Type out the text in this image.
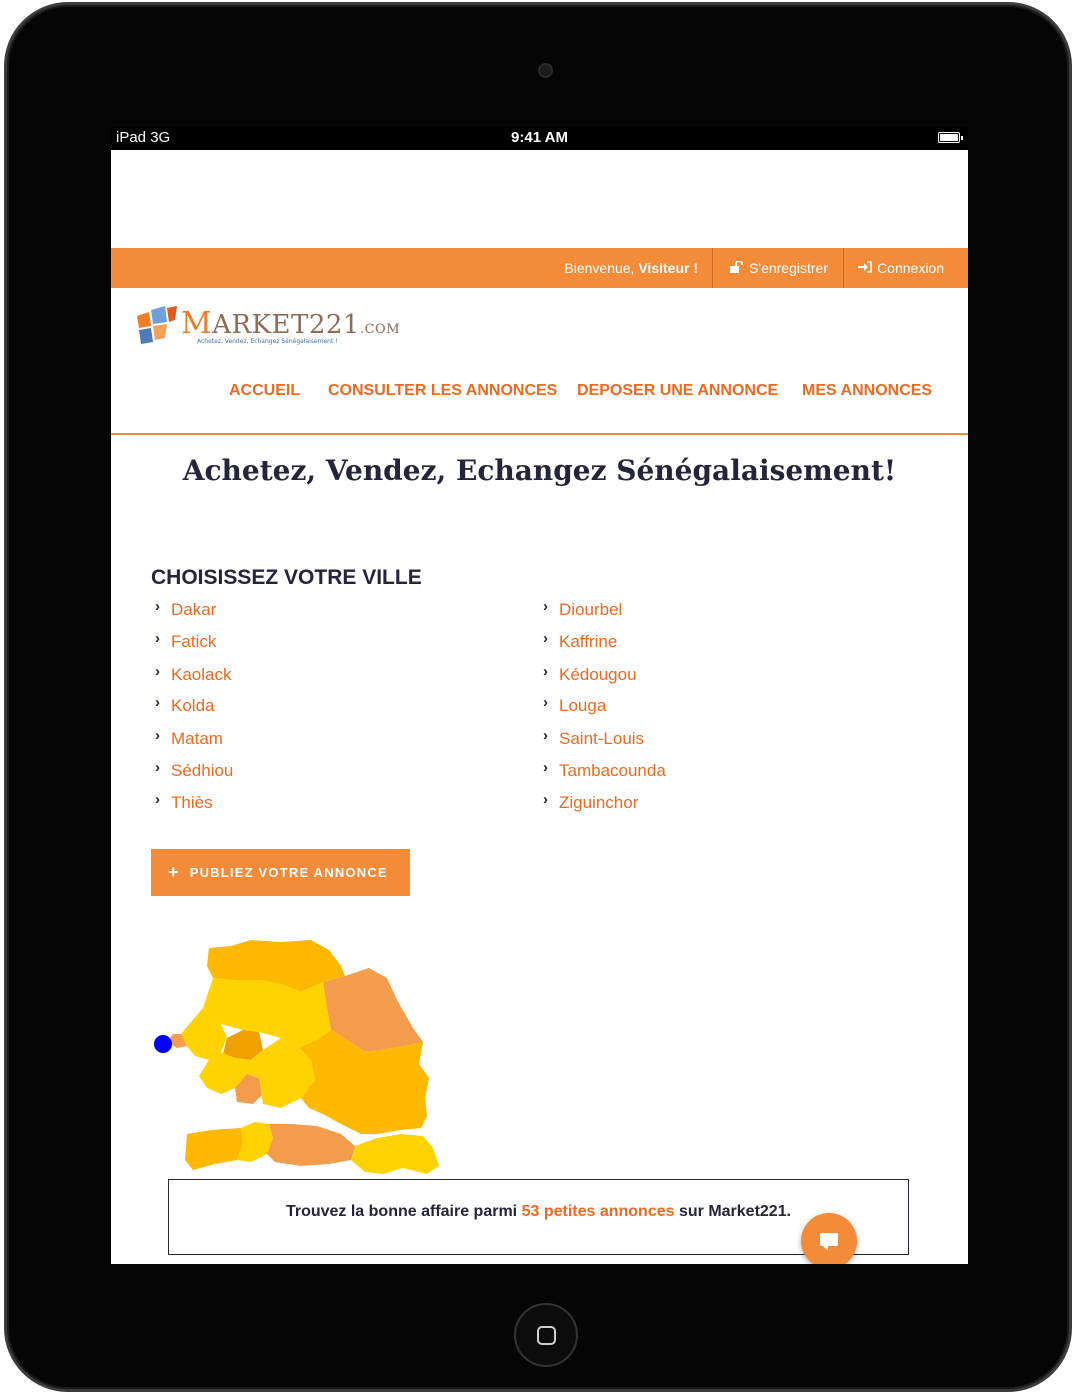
iPad 3G	9:41 AM
Bienvenue, Visiteur !	S'enregistrer	Connexion
MARKET221.COM
Achetez, Vendez, Echangez Sénégalaisement !
ACCUEIL CONSULTER LES ANNONCES DEPOSER UNE ANNONCE MES ANNONCES
Achetez, Vendez, Echangez Sénégalaisement!
CHOISISSEZ VOTRE VILLE
› Dakar
› Fatick
› Kaolack
› Kolda
› Matam
› Sédhiou
› Thiès
› Diourbel
› Kaffrine
› Kédougou
› Louga
› Saint-Louis
› Tambacounda
› Ziguinchor
+ PUBLIEZ VOTRE ANNONCE
Trouvez la bonne affaire parmi 53 petites annonces sur Market221.
